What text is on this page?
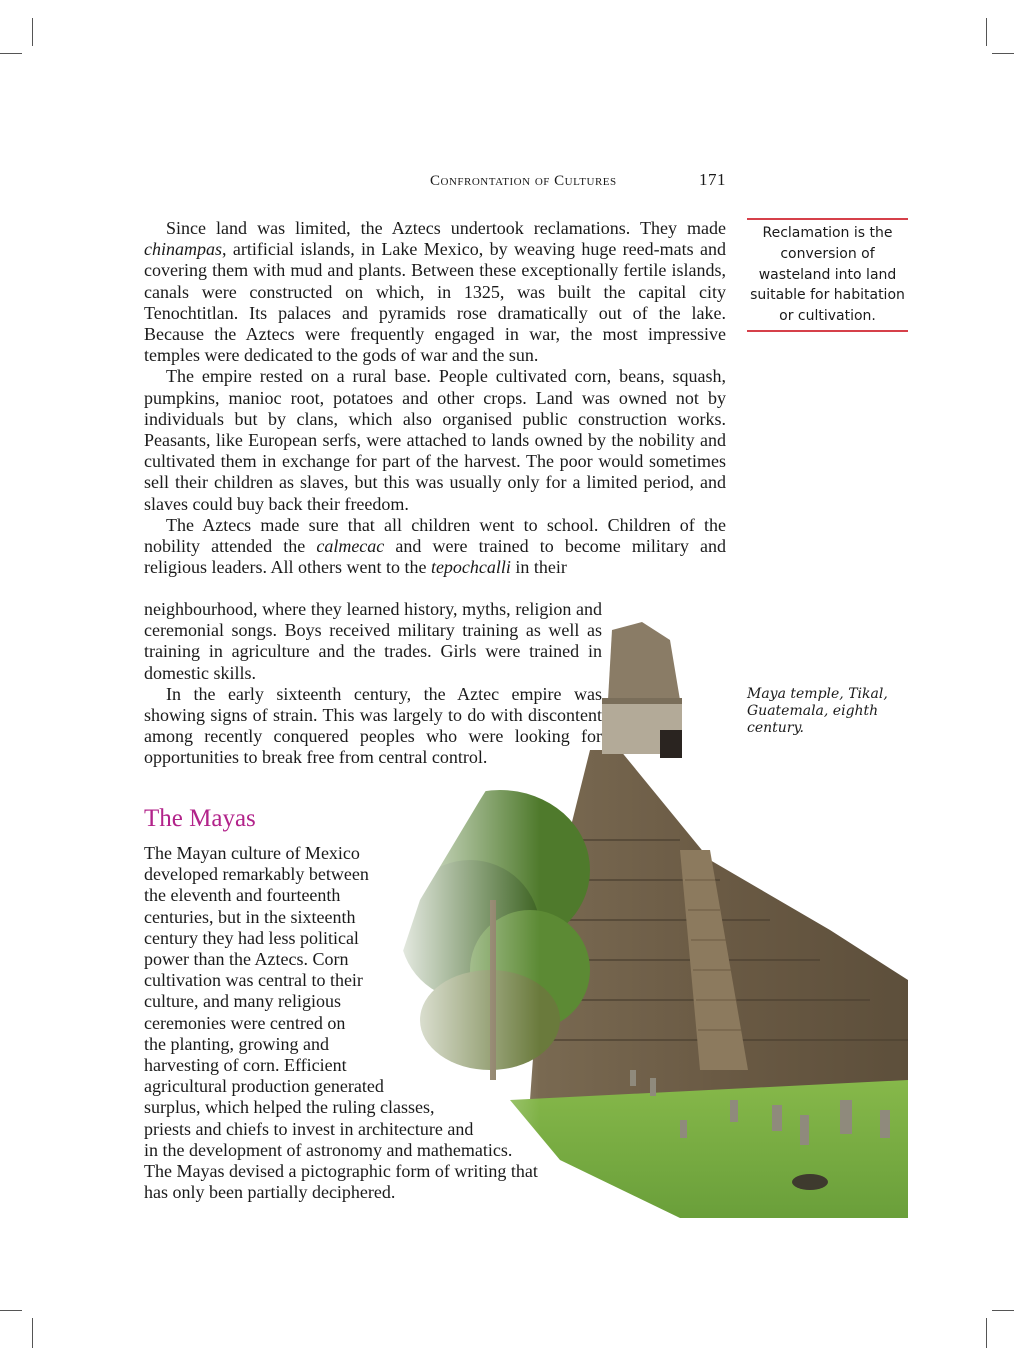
Confrontation of Cultures	171

Since land was limited, the Aztecs undertook reclamations. They made chinampas, artificial islands, in Lake Mexico, by weaving huge reed-mats and covering them with mud and plants. Between these exceptionally fertile islands, canals were constructed on which, in 1325, was built the capital city Tenochtitlan. Its palaces and pyramids rose dramatically out of the lake. Because the Aztecs were frequently engaged in war, the most impressive temples were dedicated to the gods of war and the sun.

The empire rested on a rural base. People cultivated corn, beans, squash, pumpkins, manioc root, potatoes and other crops. Land was owned not by individuals but by clans, which also organised public construction works. Peasants, like European serfs, were attached to lands owned by the nobility and cultivated them in exchange for part of the harvest. The poor would sometimes sell their children as slaves, but this was usually only for a limited period, and slaves could buy back their freedom.

The Aztecs made sure that all children went to school. Children of the nobility attended the calmecac and were trained to become military and religious leaders. All others went to the tepochcalli in their

neighbourhood, where they learned history, myths, religion and ceremonial songs. Boys received military training as well as training in agriculture and the trades. Girls were trained in domestic skills.

In the early sixteenth century, the Aztec empire was showing signs of strain. This was largely to do with discontent among recently conquered peoples who were looking for opportunities to break free from central control.

Reclamation is the conversion of wasteland into land suitable for habitation or cultivation.
Maya temple, Tikal, Guatemala, eighth century.
The Mayas
The Mayan culture of Mexico
developed remarkably between
the eleventh and fourteenth
centuries, but in the sixteenth
century they had less political
power than the Aztecs. Corn
cultivation was central to their
culture, and many religious
ceremonies were centred on
the planting, growing and
harvesting of corn. Efficient
agricultural production generated
surplus, which helped the ruling classes,
priests and chiefs to invest in architecture and
in the development of astronomy and mathematics.
The Mayas devised a pictographic form of writing that
has only been partially deciphered.
